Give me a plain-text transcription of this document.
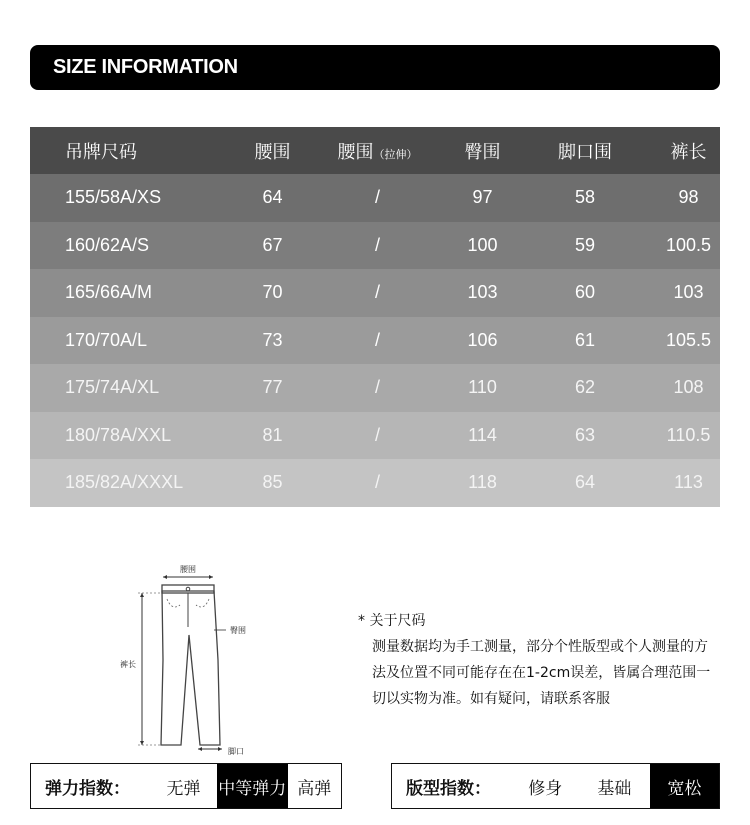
SIZE INFORMATION
吊牌尺码	腰围	腰围（拉伸）	臀围	脚口围	裤长
155/58A/XS	64	/	97	58	98
160/62A/S	67	/	100	59	100.5
165/66A/M	70	/	103	60	103
170/70A/L	73	/	106	61	105.5
175/74A/XL	77	/	110	62	108
180/78A/XXL	81	/	114	63	110.5
185/82A/XXXL	85	/	118	64	113
腰围
臀围
裤长
脚口
* 关于尺码
测量数据均为手工测量，部分个性版型或个人测量的方法及位置不同可能存在在1-2cm误差，皆属合理范围一切以实物为准。如有疑问，请联系客服
弹力指数：	无弹	中等弹力 高弹	版型指数：	修身	基础	宽松
